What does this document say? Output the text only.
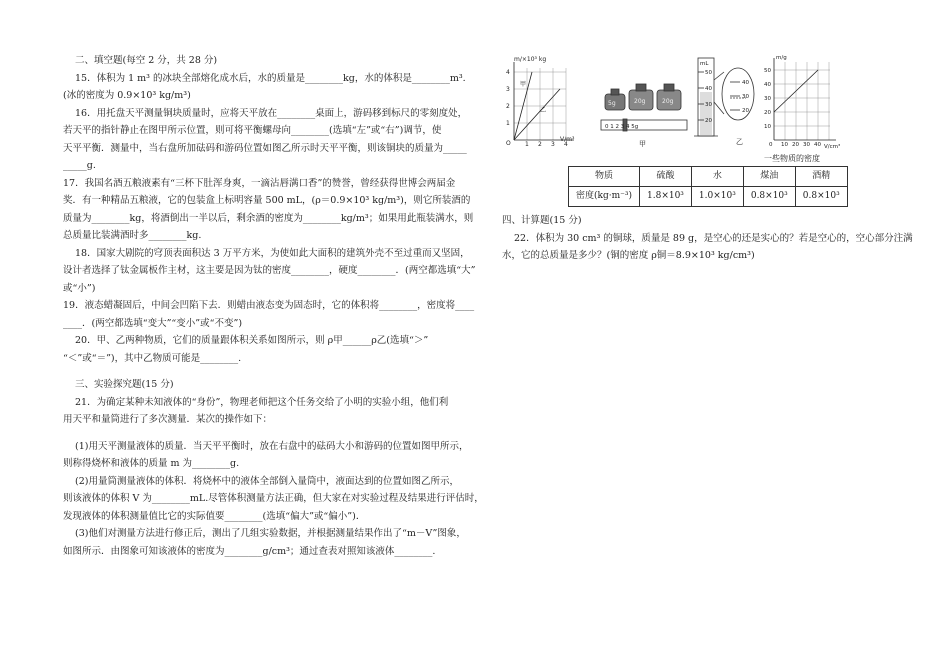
二、填空题(每空 2 分，共 28 分)

15．体积为 1 m³ 的冰块全部熔化成水后，水的质量是________kg，水的体积是________m³.

(冰的密度为 0.9×10³ kg/m³)

16．用托盘天平测量铜块质量时，应将天平放在________桌面上，游码移到标尺的零刻度处，

若天平的指针静止在图甲所示位置，则可将平衡螺母向________(选填“左”或“右”)调节，使

天平平衡．测量中，当右盘所加砝码和游码位置如图乙所示时天平平衡，则该铜块的质量为_____

_____g.

17．我国名酒五粮液素有“三杯下肚浑身爽，一滴沾唇满口香”的赞誉，曾经获得世博会两届金

奖．有一种精品五粮液，它的包装盒上标明容量 500 mL，(ρ＝0.9×10³ kg/m³)，则它所装酒的

质量为________kg，将酒倒出一半以后，剩余酒的密度为________kg/m³；如果用此瓶装满水，则

总质量比装满酒时多________kg.

18．国家大剧院的穹顶表面积达 3 万平方米，为使如此大面积的建筑外壳不至过重而又坚固，

设计者选择了钛金属板作主材，这主要是因为钛的密度________，硬度________．(两空都选填“大”

或“小”)

19．液态蜡凝固后，中间会凹陷下去．则蜡由液态变为固态时，它的体积将________，密度将____

____．(两空都选填“变大”“变小”或“不变”)

20．甲、乙两种物质，它们的质量跟体积关系如图所示，则 ρ甲______ρ乙(选填“＞”

“＜”或“＝”)，其中乙物质可能是________.

三、实验探究题(15 分)

21．为确定某种未知液体的“身份”，物理老师把这个任务交给了小明的实验小组，他们利

用天平和量筒进行了多次测量．某次的操作如下：

(1)用天平测量液体的质量．当天平平衡时，放在右盘中的砝码大小和游码的位置如图甲所示，

则称得烧杯和液体的质量 m 为________g.

(2)用量筒测量液体的体积．将烧杯中的液体全部倒入量筒中，液面达到的位置如图乙所示，

则该液体的体积 V 为________mL.尽管体积测量方法正确，但大家在对实验过程及结果进行评估时，

发现液体的体积测量值比它的实际值要________(选填“偏大”或“偏小”)．

(3)他们对测量方法进行修正后，测出了几组实验数据，并根据测量结果作出了“m－V”图象，

如图所示．由图象可知该液体的密度为________g/cm³；通过查表对照知该液体________.

m/×10³ kg
V/m³
4
3
2
1
O 1 2 3 4
甲
乙
5g	20g	20g
0 1 2 3 4 5g
甲
mL
50
40
30
20
40
30
20
乙
m/g
V/cm³
50
40
30
20
10
0 10 20 30 40
一些物质的密度
物质	硫酸	水	煤油	酒精
密度(kg·m⁻³)	1.8×10³	1.0×10³	0.8×10³	0.8×10³

四、计算题(15 分)

22．体积为 30 cm³ 的铜球，质量是 89 g，是空心的还是实心的？若是空心的，空心部分注满

水，它的总质量是多少？(铜的密度 ρ铜＝8.9×10³ kg/cm³)
